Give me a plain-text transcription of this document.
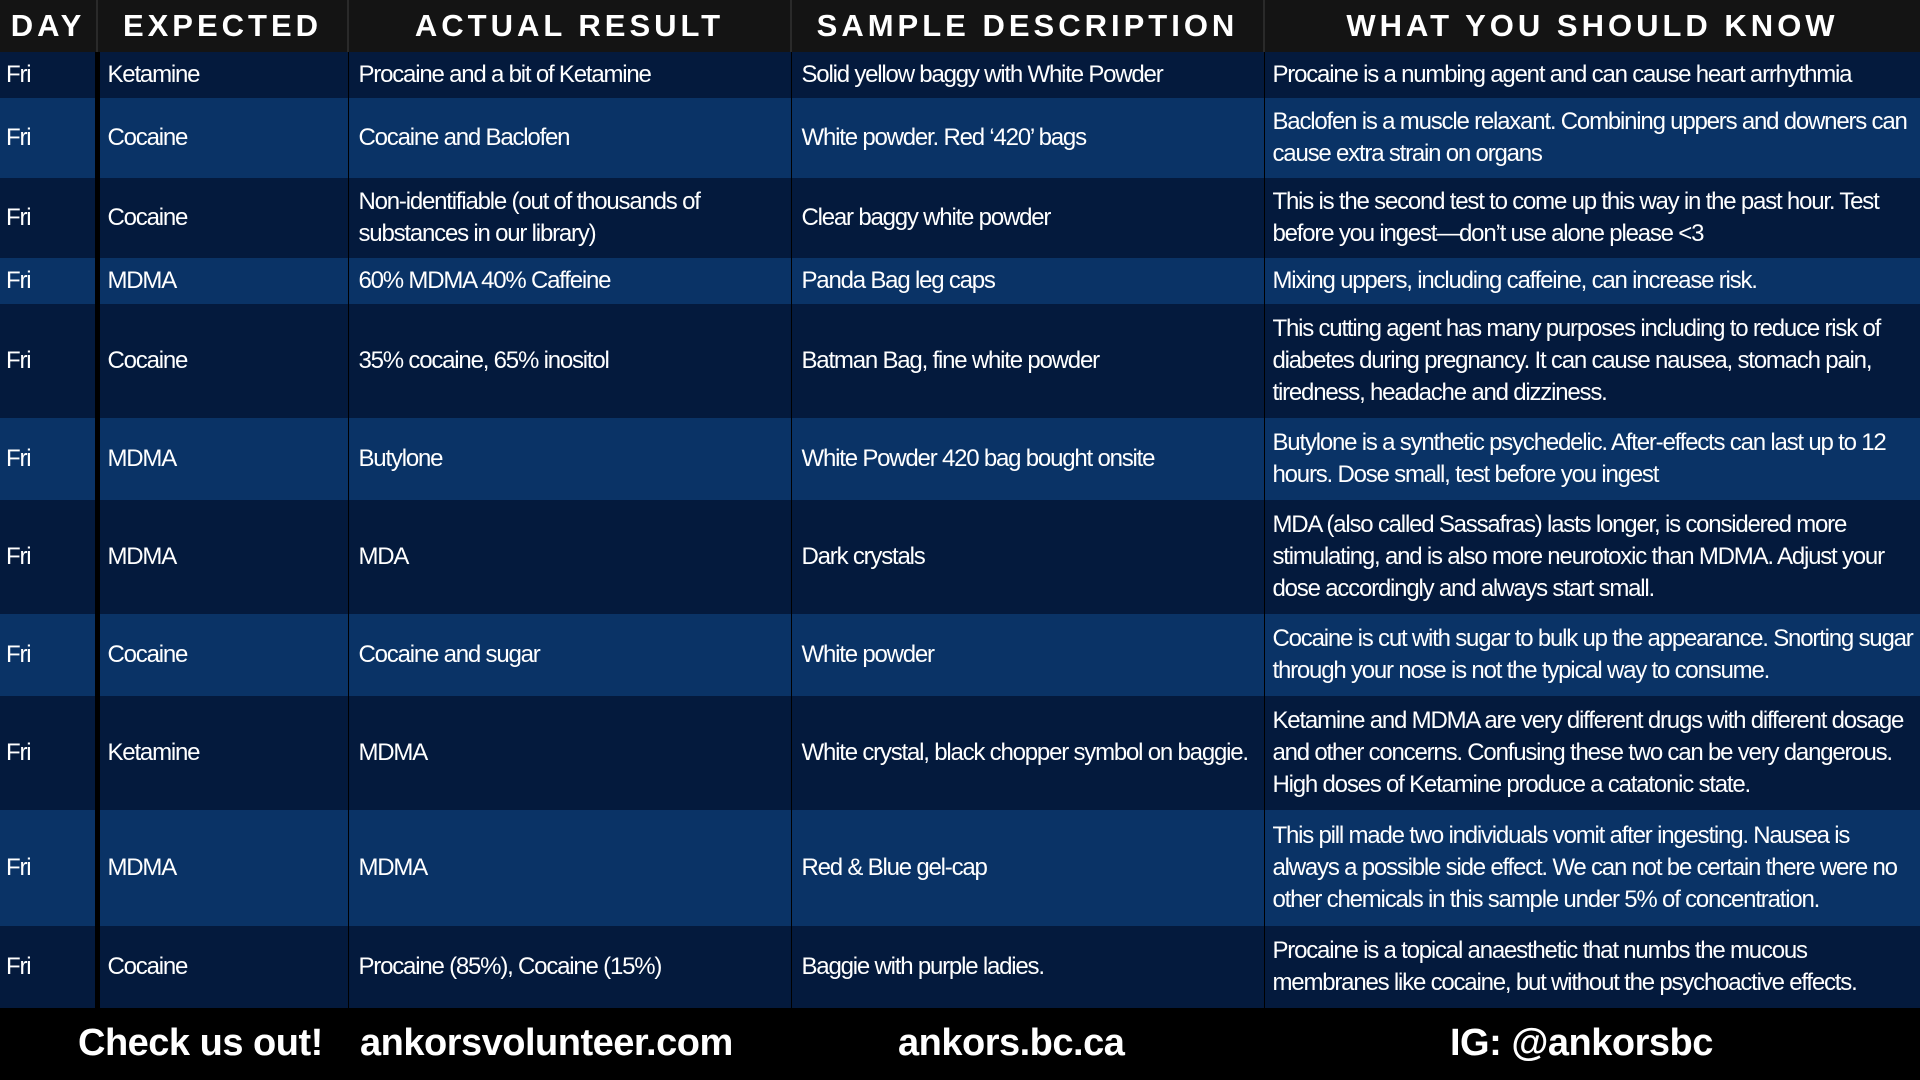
DAY	EXPECTED	ACTUAL RESULT	SAMPLE DESCRIPTION	WHAT YOU SHOULD KNOW
Fri	Ketamine	Procaine and a bit of Ketamine	Solid yellow baggy with White Powder	Procaine is a numbing agent and can cause heart arrhythmia
Fri	Cocaine	Cocaine and Baclofen	White powder. Red ‘420’ bags	Baclofen is a muscle relaxant. Combining uppers and downers can cause extra strain on organs
Fri	Cocaine	Non-identifiable (out of thousands of substances in our library)	Clear baggy white powder	This is the second test to come up this way in the past hour. Test before you ingest—don’t use alone please <3
Fri	MDMA	60% MDMA 40% Caffeine	Panda Bag leg caps	Mixing uppers, including caffeine, can increase risk.
Fri	Cocaine	35% cocaine, 65% inositol	Batman Bag, fine white powder	This cutting agent has many purposes including to reduce risk of diabetes during pregnancy. It can cause nausea, stomach pain, tiredness, headache and dizziness.
Fri	MDMA	Butylone	White Powder 420 bag bought onsite	Butylone is a synthetic psychedelic. After-effects can last up to 12 hours. Dose small, test before you ingest
Fri	MDMA	MDA	Dark crystals	MDA (also called Sassafras) lasts longer, is considered more stimulating, and is also more neurotoxic than MDMA. Adjust your dose accordingly and always start small.
Fri	Cocaine	Cocaine and sugar	White powder	Cocaine is cut with sugar to bulk up the appearance. Snorting sugar through your nose is not the typical way to consume.
Fri	Ketamine	MDMA	White crystal, black chopper symbol on baggie.	Ketamine and MDMA are very different drugs with different dosage and other concerns. Confusing these two can be very dangerous. High doses of Ketamine produce a catatonic state.
Fri	MDMA	MDMA	Red & Blue gel-cap	This pill made two individuals vomit after ingesting. Nausea is always a possible side effect. We can not be certain there were no other chemicals in this sample under 5% of concentration.
Fri	Cocaine	Procaine (85%), Cocaine (15%)	Baggie with purple ladies.	Procaine is a topical anaesthetic that numbs the mucous membranes like cocaine, but without the psychoactive effects.
Check us out! ankorsvolunteer.com	ankors.bc.ca	IG: @ankorsbc
